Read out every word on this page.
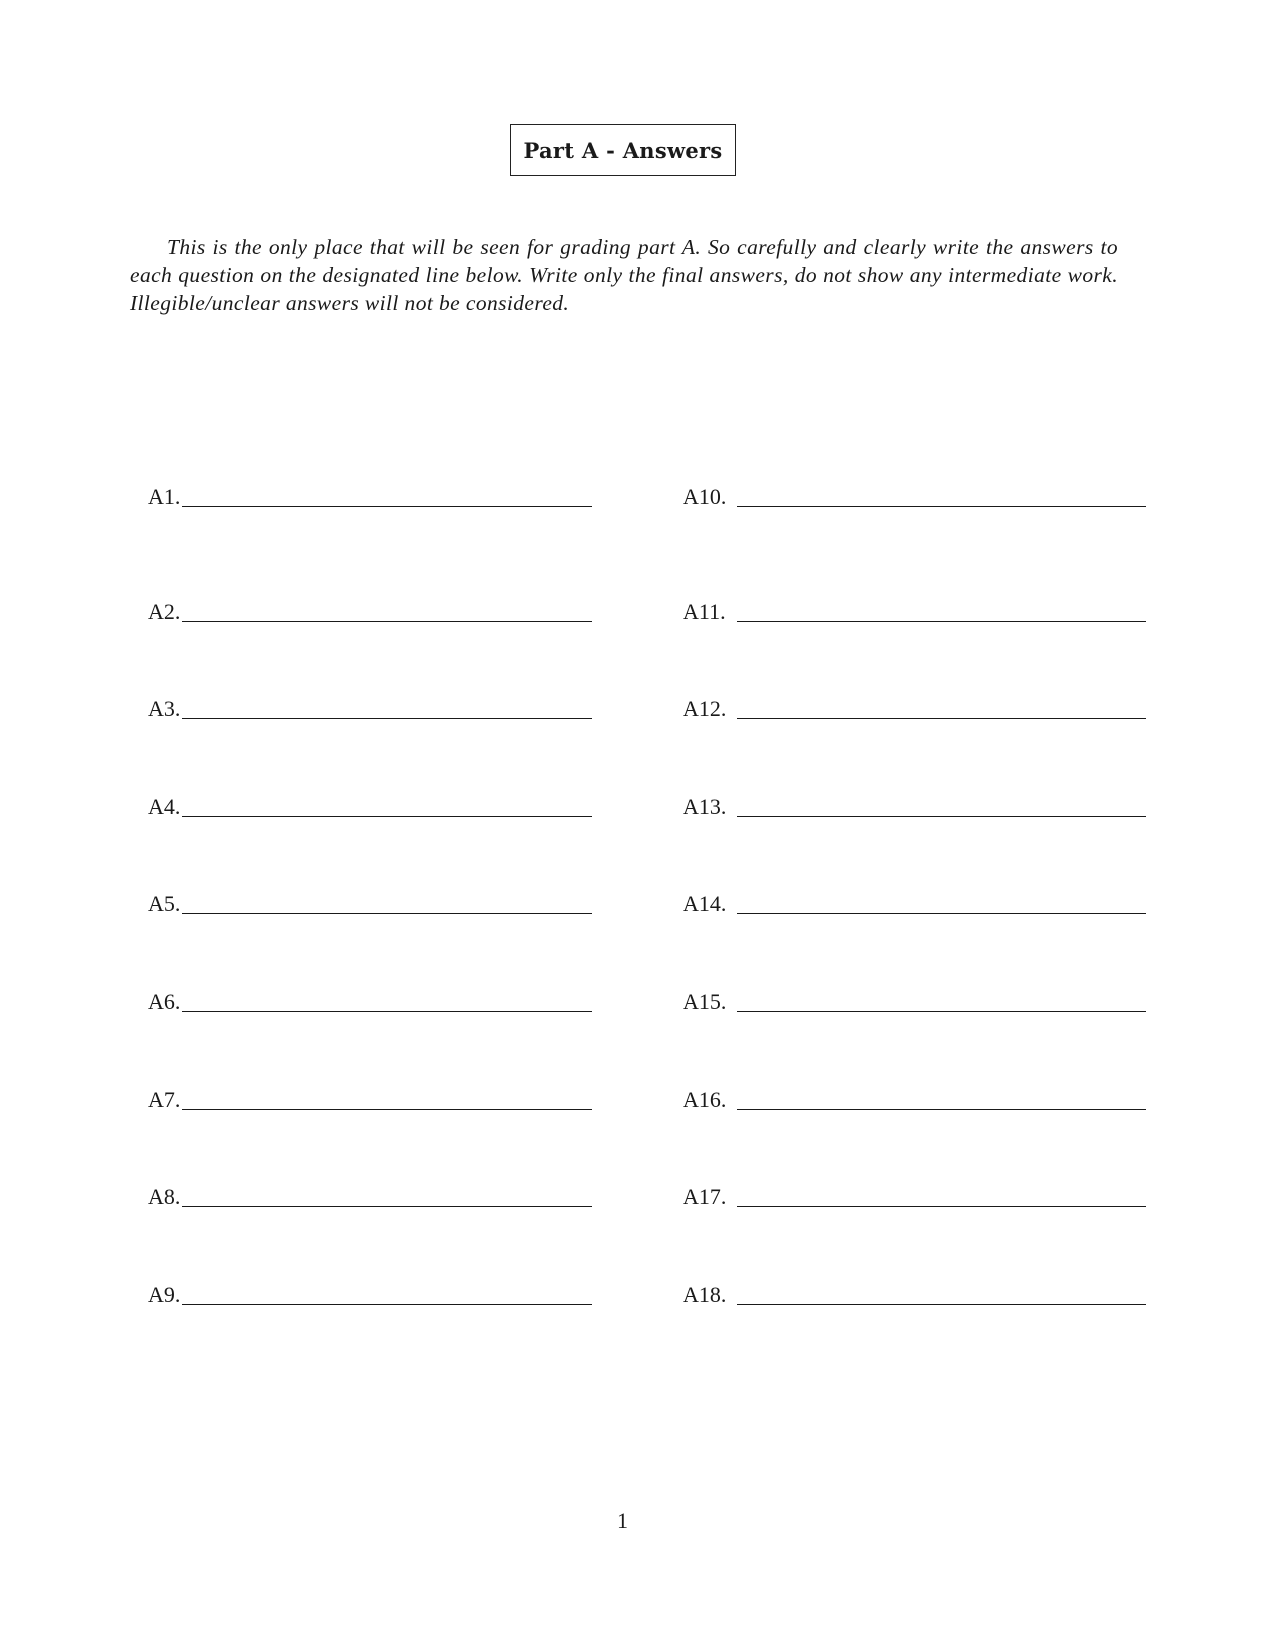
Part A - Answers

This is the only place that will be seen for grading part A. So carefully and clearly write the answers to each question on the designated line below. Write only the final answers, do not show any intermediate work. Illegible/unclear answers will not be considered.

A1.
A2.
A3.
A4.
A5.
A6.
A7.
A8.
A9.
A10.
A11.
A12.
A13.
A14.
A15.
A16.
A17.
A18.
1
